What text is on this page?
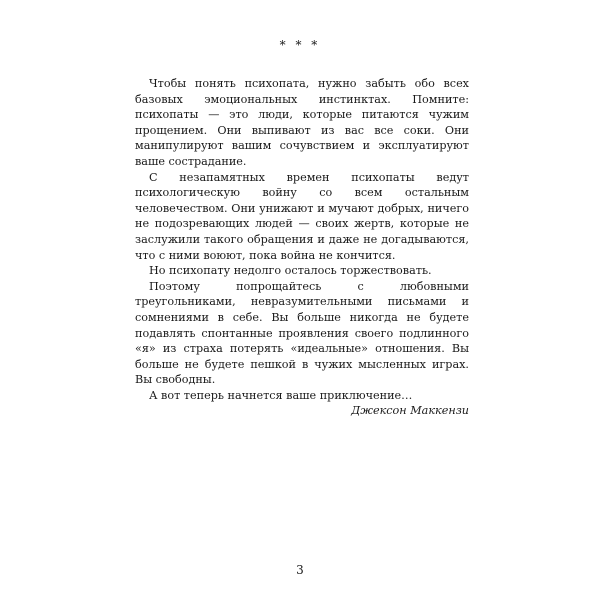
* * *

Чтобы понять психопата, нужно забыть обо всех базовых эмоциональных инстинктах. Помните: психопаты — это люди, которые питаются чужим прощением. Они выпивают из вас все соки. Они манипулируют вашим сочувствием и эксплуатируют ваше сострадание.

С незапамятных времен психопаты ведут психологическую войну со всем остальным человечеством. Они унижают и мучают добрых, ничего не подозревающих людей — своих жертв, которые не заслужили такого обращения и даже не догадываются, что с ними воюют, пока война не кончится.

Но психопату недолго осталось торжествовать.

Поэтому попрощайтесь с любовными треугольниками, невразумительными письмами и сомнениями в себе. Вы больше никогда не будете подавлять спонтанные проявления своего подлинного «я» из страха потерять «идеальные» отношения. Вы больше не будете пешкой в чужих мысленных играх. Вы свободны.

А вот теперь начнется ваше приключение…

Джексон Маккензи

3
